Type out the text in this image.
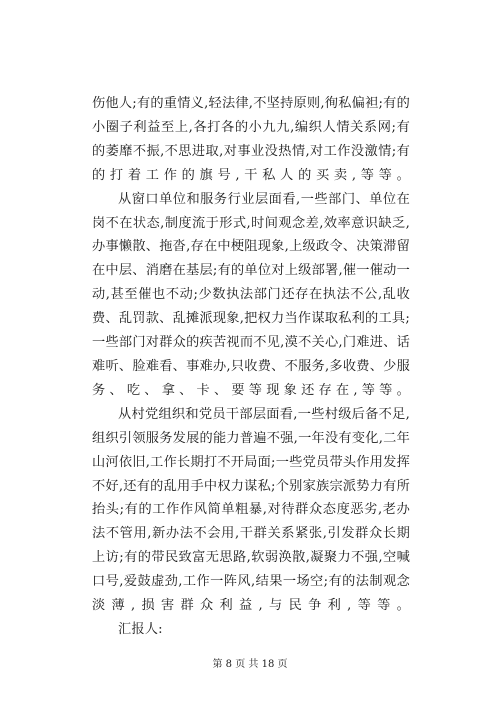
伤他人;有的重情义,轻法律,不坚持原则,徇私偏袒;有的小圈子利益至上,各打各的小九九,编织人情关系网;有的萎靡不振,不思进取,对事业没热情,对工作没激情;有的打着工作的旗号,干私人的买卖,等等。

从窗口单位和服务行业层面看,一些部门、单位在岗不在状态,制度流于形式,时间观念差,效率意识缺乏,办事懒散、拖沓,存在中梗阻现象,上级政令、决策滞留在中层、消磨在基层;有的单位对上级部署,催一催动一动,甚至催也不动;少数执法部门还存在执法不公,乱收费、乱罚款、乱摊派现象,把权力当作谋取私利的工具;一些部门对群众的疾苦视而不见,漠不关心,门难进、话难听、脸难看、事难办,只收费、不服务,多收费、少服务、吃、拿、卡、要等现象还存在,等等。

从村党组织和党员干部层面看,一些村级后备不足,组织引领服务发展的能力普遍不强,一年没有变化,二年山河依旧,工作长期打不开局面;一些党员带头作用发挥不好,还有的乱用手中权力谋私;个别家族宗派势力有所抬头;有的工作作风简单粗暴,对待群众态度恶劣,老办法不管用,新办法不会用,干群关系紧张,引发群众长期上访;有的带民致富无思路,软弱涣散,凝聚力不强,空喊口号,爱鼓虚劲,工作一阵风,结果一场空;有的法制观念淡薄,损害群众利益,与民争利,等等。

汇报人:

第 8 页 共 18 页
